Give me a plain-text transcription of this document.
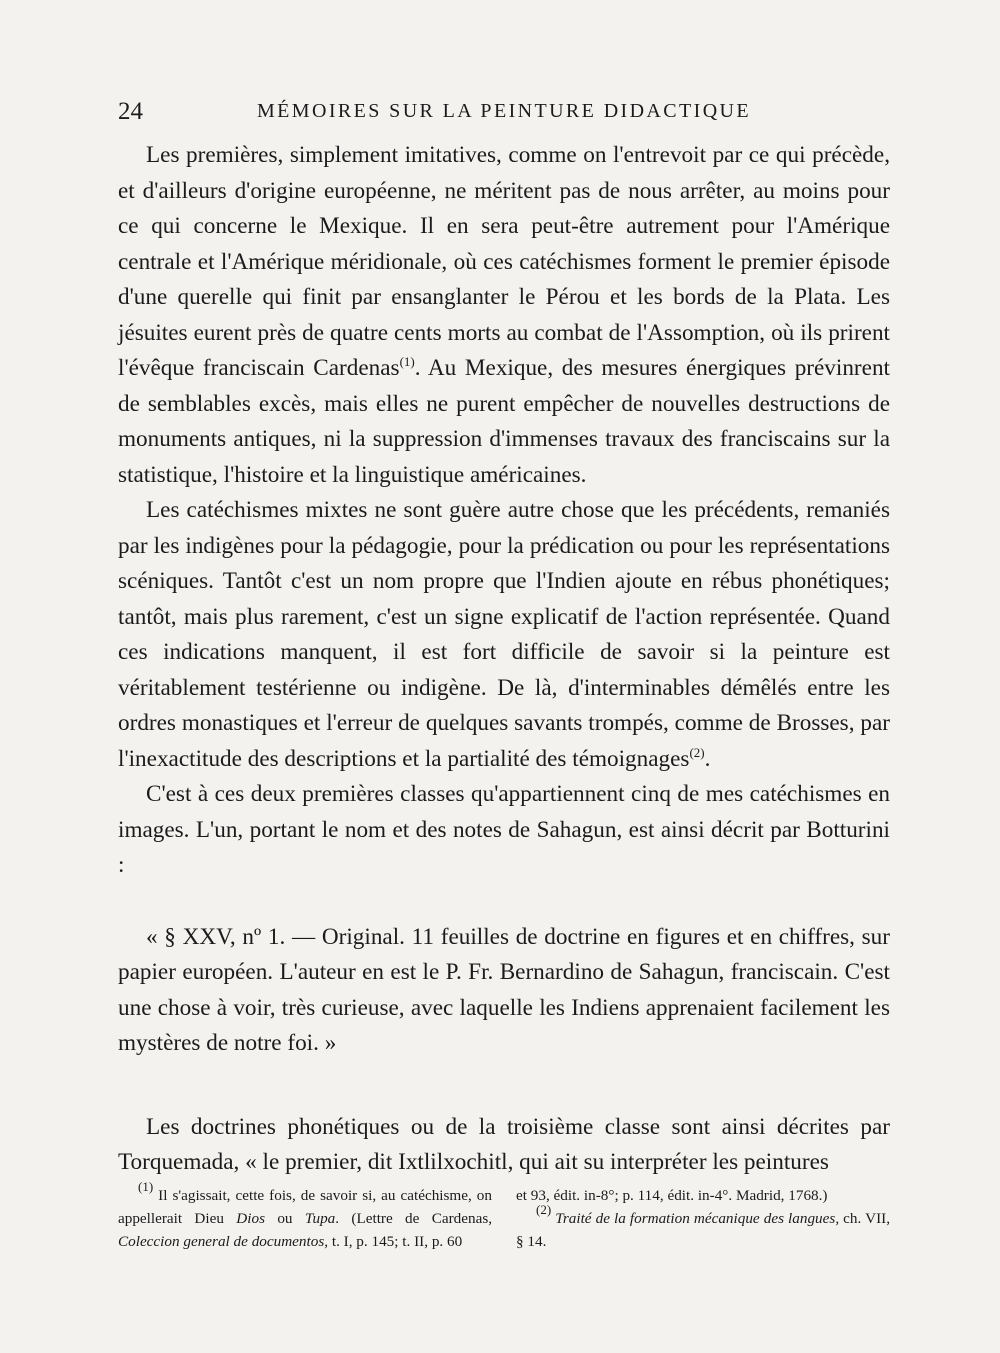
24	MÉMOIRES SUR LA PEINTURE DIDACTIQUE

Les premières, simplement imitatives, comme on l'entrevoit par ce qui précède, et d'ailleurs d'origine européenne, ne méritent pas de nous arrêter, au moins pour ce qui concerne le Mexique. Il en sera peut-être autrement pour l'Amérique centrale et l'Amérique méridionale, où ces catéchismes forment le premier épisode d'une querelle qui finit par ensanglanter le Pérou et les bords de la Plata. Les jésuites eurent près de quatre cents morts au combat de l'Assomption, où ils prirent l'évêque franciscain Cardenas$^{(1)}$. Au Mexique, des mesures énergiques prévinrent de semblables excès, mais elles ne purent empêcher de nouvelles destructions de monuments antiques, ni la suppression d'immenses travaux des franciscains sur la statistique, l'histoire et la linguistique américaines.

Les catéchismes mixtes ne sont guère autre chose que les précédents, remaniés par les indigènes pour la pédagogie, pour la prédication ou pour les représentations scéniques. Tantôt c'est un nom propre que l'Indien ajoute en rébus phonétiques; tantôt, mais plus rarement, c'est un signe explicatif de l'action représentée. Quand ces indications manquent, il est fort difficile de savoir si la peinture est véritablement testérienne ou indigène. De là, d'interminables démêlés entre les ordres monastiques et l'erreur de quelques savants trompés, comme de Brosses, par l'inexactitude des descriptions et la partialité des témoignages$^{(2)}$.

C'est à ces deux premières classes qu'appartiennent cinq de mes catéchismes en images. L'un, portant le nom et des notes de Sahagun, est ainsi décrit par Botturini :

« § XXV, nº 1. — Original. 11 feuilles de doctrine en figures et en chiffres, sur papier européen. L'auteur en est le P. Fr. Bernardino de Sahagun, franciscain. C'est une chose à voir, très curieuse, avec laquelle les Indiens apprenaient facilement les mystères de notre foi. »

Les doctrines phonétiques ou de la troisième classe sont ainsi décrites par Torquemada, « le premier, dit Ixtlilxochitl, qui ait su interpréter les peintures

$^{(1)}$ Il s'agissait, cette fois, de savoir si, au catéchisme, on appellerait Dieu Dios ou Tupa. (Lettre de Cardenas, Coleccion general de documentos, t. I, p. 145; t. II, p. 60

et 93, édit. in-8°; p. 114, édit. in-4°. Madrid, 1768.)

$^{(2)}$ Traité de la formation mécanique des langues, ch. VII, § 14.
